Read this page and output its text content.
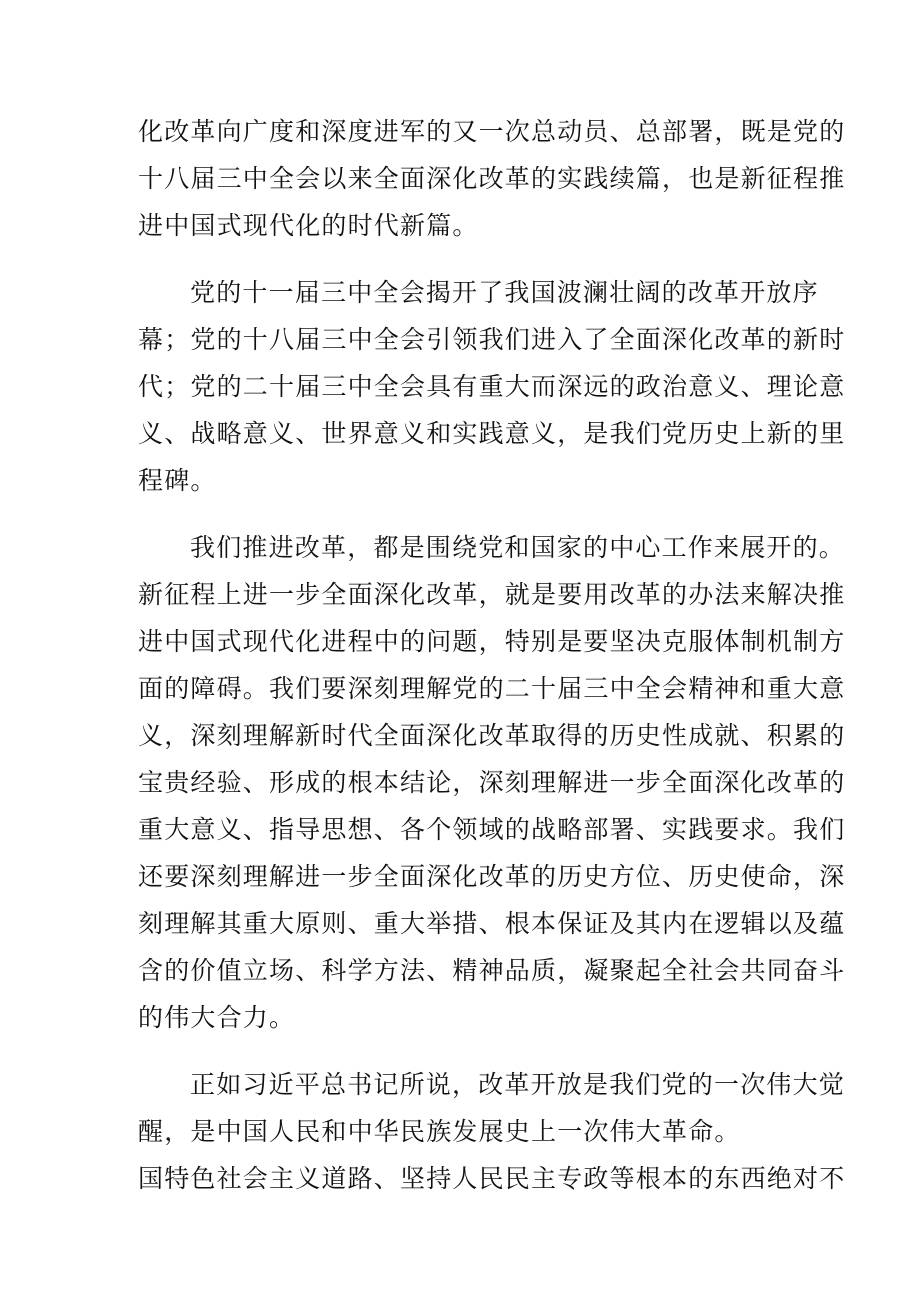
化改革向广度和深度进军的又一次总动员、总部署，既是党的
十八届三中全会以来全面深化改革的实践续篇，也是新征程推
进中国式现代化的时代新篇。
党的十一届三中全会揭开了我国波澜壮阔的改革开放序
幕；党的十八届三中全会引领我们进入了全面深化改革的新时
代；党的二十届三中全会具有重大而深远的政治意义、理论意
义、战略意义、世界意义和实践意义，是我们党历史上新的里
程碑。
我们推进改革，都是围绕党和国家的中心工作来展开的。
新征程上进一步全面深化改革，就是要用改革的办法来解决推
进中国式现代化进程中的问题，特别是要坚决克服体制机制方
面的障碍。我们要深刻理解党的二十届三中全会精神和重大意
义，深刻理解新时代全面深化改革取得的历史性成就、积累的
宝贵经验、形成的根本结论，深刻理解进一步全面深化改革的
重大意义、指导思想、各个领域的战略部署、实践要求。我们
还要深刻理解进一步全面深化改革的历史方位、历史使命，深
刻理解其重大原则、重大举措、根本保证及其内在逻辑以及蕴
含的价值立场、科学方法、精神品质，凝聚起全社会共同奋斗
的伟大合力。
正如习近平总书记所说，改革开放是我们党的一次伟大觉
醒，是中国人民和中华民族发展史上一次伟大革命。
国特色社会主义道路、坚持人民民主专政等根本的东西绝对不
